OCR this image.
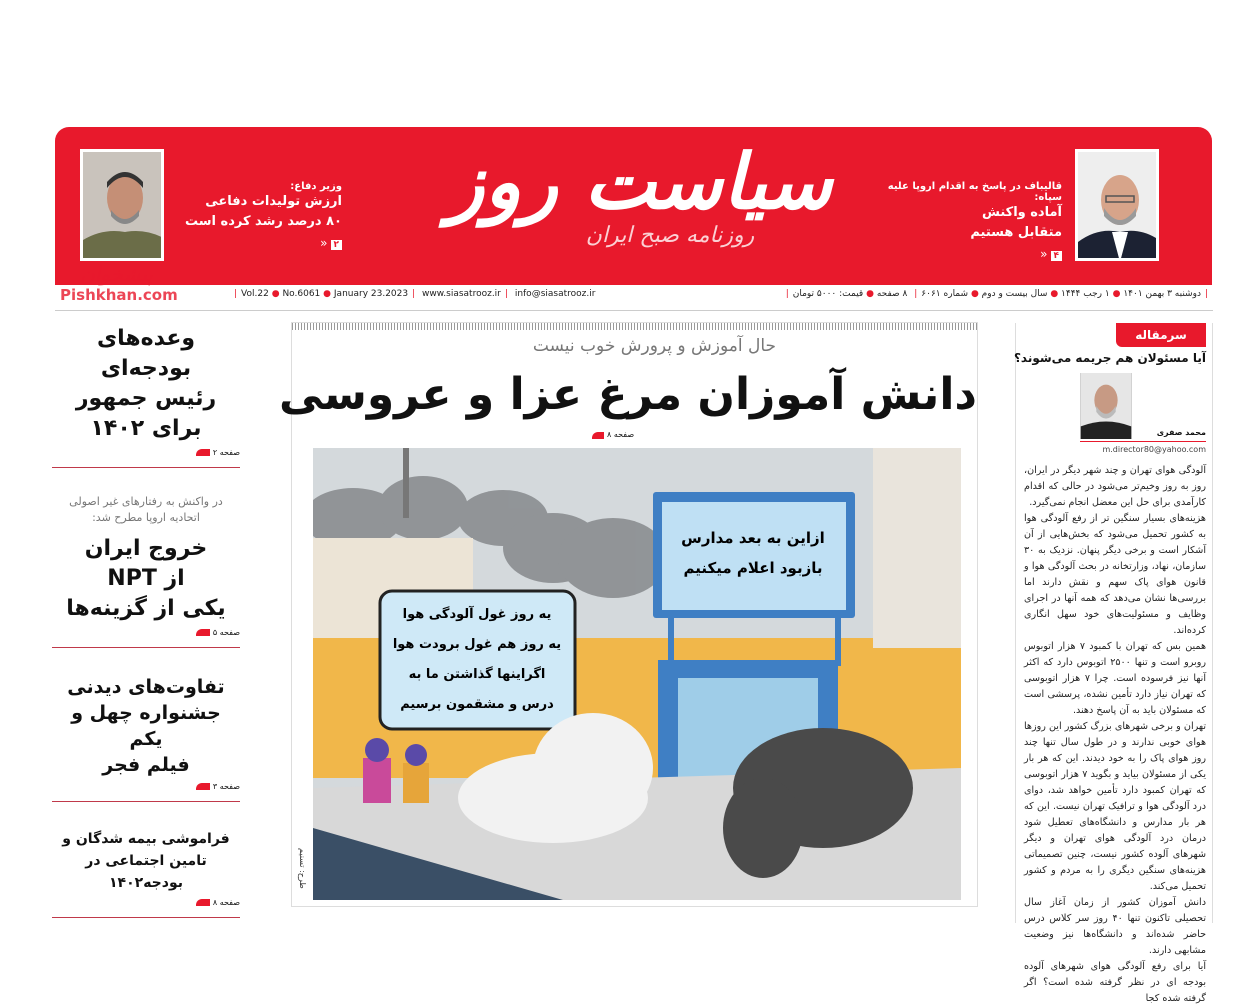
قالیباف در پاسخ به اقدام اروپا علیه سپاه:
آماده واکنش
متقابل هستیم
۴«
سیاست روز
روزنامه صبح ایران
وزیر دفاع:
ارزش تولیدات دفاعی
۸۰ درصد رشد کرده است
۲«
پیشخوان
Pishkhan.com	| Vol.22 ● No.6061 ● January 23.2023 | www.siasatrooz.ir | info@siasatrooz.ir	|دوشنبه ۳ بهمن ۱۴۰۱ ● ۱ رجب ۱۴۴۴ ● سال بیست و دوم ● شماره ۶۰۶۱| ۸ صفحه ● قیمت: ۵۰۰۰ تومان|
وعده‌های بودجه‌ای
رئیس جمهور
برای ۱۴۰۲
صفحه ۲
در واکنش به رفتارهای غیر اصولی
اتحادیه اروپا مطرح شد:
خروج ایران
از NPT
یکی از گزینه‌ها
صفحه ۵
تفاوت‌های دیدنی
جشنواره چهل و یکم
فیلم فجر
صفحه ۳
فراموشی بیمه شدگان و
تامین اجتماعی در بودجه۱۴۰۲
صفحه ۸
حال آموزش و پرورش خوب نیست
دانش آموزان مرغ عزا و عروسی
صفحه ۸
ازاین به بعد مدارس
بازبود اعلام میکنیم
یه روز غول آلودگی هوا
یه روز هم غول برودت هوا
اگراینها گذاشتن ما به
درس و مشقمون برسیم
طرح: تسنیم
سرمقاله
آیا مسئولان هم جریمه می‌شوند؟
محمد صفری
m.director80@yahoo.com

آلودگی هوای تهران و چند شهر دیگر در ایران، روز به روز وخیم‌تر می‌شود در حالی که اقدام کارآمدی برای حل این معضل انجام نمی‌گیرد.

هزینه‌های بسیار سنگین تر از رفع آلودگی هوا به کشور تحمیل می‌شود که بخش‌هایی از آن آشکار است و برخی دیگر پنهان. نزدیک به ۳۰ سازمان، نهاد، وزارتخانه در بحث آلودگی هوا و قانون هوای پاک سهم و نقش دارند اما بررسی‌ها نشان می‌دهد که همه آنها در اجرای وظایف و مسئولیت‌های خود سهل انگاری کرده‌اند.

همین بس که تهران با کمبود ۷ هزار اتوبوس روبرو است و تنها ۲۵۰۰ اتوبوس دارد که اکثر آنها نیز فرسوده است. چرا ۷ هزار اتوبوسی که تهران نیاز دارد تأمین نشده، پرسشی است که مسئولان باید به آن پاسخ دهند.

تهران و برخی شهرهای بزرگ کشور این روزها هوای خوبی ندارند و در طول سال تنها چند روز هوای پاک را به خود دیدند. این که هر بار یکی از مسئولان بیاید و بگوید ۷ هزار اتوبوسی که تهران کمبود دارد تأمین خواهد شد، دوای درد آلودگی هوا و ترافیک تهران نیست. این که هر بار مدارس و دانشگاه‌های تعطیل شود درمان درد آلودگی هوای تهران و دیگر شهرهای آلوده کشور نیست، چنین تصمیماتی هزینه‌های سنگین دیگری را به مردم و کشور تحمیل می‌کند.

دانش آموزان کشور از زمان آغاز سال تحصیلی تاکنون تنها ۴۰ روز سر کلاس درس حاضر شده‌اند و دانشگاه‌ها نیز وضعیت مشابهی دارند.

آیا برای رفع آلودگی هوای شهرهای آلوده بودجه ای در نظر گرفته شده است؟ اگر گرفته شده کجا
